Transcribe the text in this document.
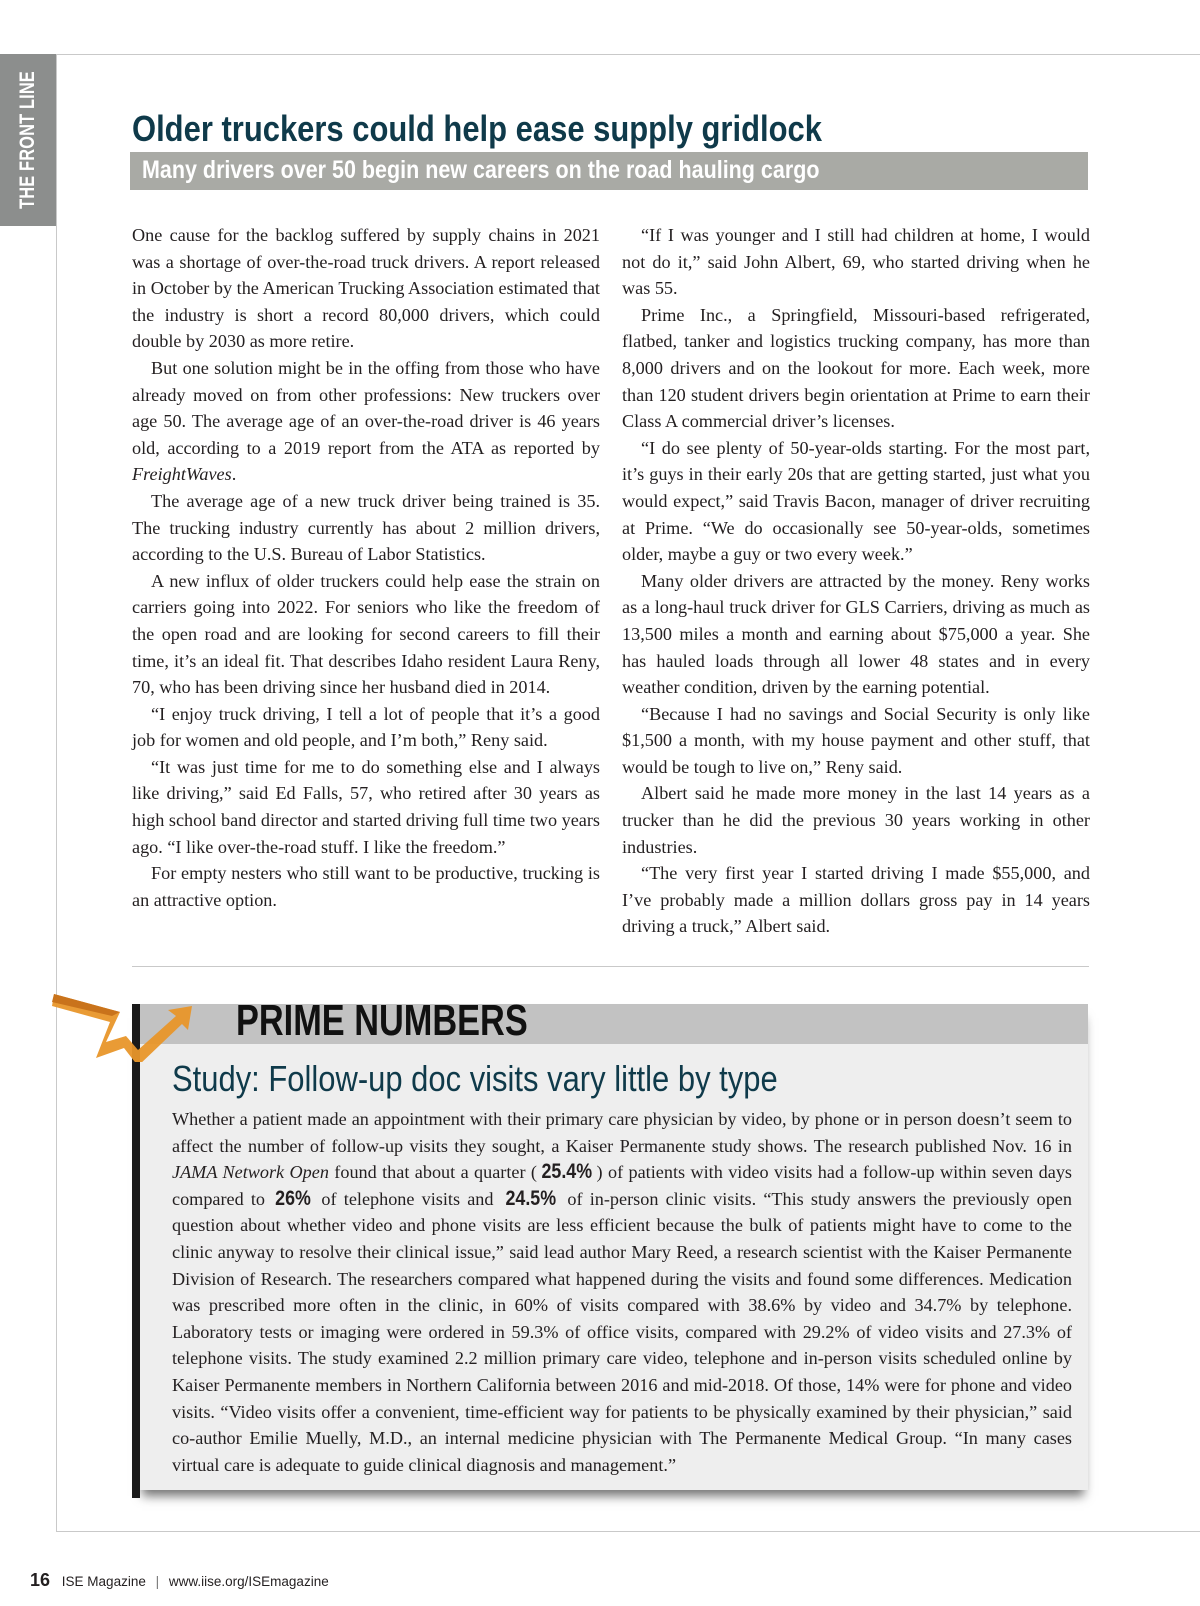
THE FRONT LINE	Older truckers could help ease supply gridlock
Many drivers over 50 begin new careers on the road hauling cargo

One cause for the backlog suffered by supply chains in 2021 was a shortage of over-the-road truck drivers. A report released in October by the American Trucking Association estimated that the industry is short a record 80,000 drivers, which could double by 2030 as more retire.

But one solution might be in the offing from those who have already moved on from other professions: New truckers over age 50. The average age of an over-the-road driver is 46 years old, according to a 2019 report from the ATA as reported by FreightWaves.

The average age of a new truck driver being trained is 35. The trucking industry currently has about 2 million drivers, according to the U.S. Bureau of Labor Statistics.

A new influx of older truckers could help ease the strain on carriers going into 2022. For seniors who like the freedom of the open road and are looking for second careers to fill their time, it’s an ideal fit. That describes Idaho resident Laura Reny, 70, who has been driving since her husband died in 2014.

“I enjoy truck driving, I tell a lot of people that it’s a good job for women and old people, and I’m both,” Reny said.

“It was just time for me to do something else and I always like driving,” said Ed Falls, 57, who retired after 30 years as high school band director and started driving full time two years ago. “I like over-the-road stuff. I like the freedom.”

For empty nesters who still want to be productive, trucking is an attractive option.

“If I was younger and I still had children at home, I would not do it,” said John Albert, 69, who started driving when he was 55.

Prime Inc., a Springfield, Missouri-based refrigerated, flatbed, tanker and logistics trucking company, has more than 8,000 drivers and on the lookout for more. Each week, more than 120 student drivers begin orientation at Prime to earn their Class A commercial driver’s licenses.

“I do see plenty of 50-year-olds starting. For the most part, it’s guys in their early 20s that are getting started, just what you would expect,” said Travis Bacon, manager of driver recruiting at Prime. “We do occasionally see 50-year-olds, sometimes older, maybe a guy or two every week.”

Many older drivers are attracted by the money. Reny works as a long-haul truck driver for GLS Carriers, driving as much as 13,500 miles a month and earning about $75,000 a year. She has hauled loads through all lower 48 states and in every weather condition, driven by the earning potential.

“Because I had no savings and Social Security is only like $1,500 a month, with my house payment and other stuff, that would be tough to live on,” Reny said.

Albert said he made more money in the last 14 years as a trucker than he did the previous 30 years working in other industries.

“The very first year I started driving I made $55,000, and I’ve probably made a million dollars gross pay in 14 years driving a truck,” Albert said.

PRIME NUMBERS
Study: Follow-up doc visits vary little by type

Whether a patient made an appointment with their primary care physician by video, by phone or in person doesn’t seem to affect the number of follow-up visits they sought, a Kaiser Permanente study shows. The research published Nov. 16 in JAMA Network Open found that about a quarter ( 25.4% ) of patients with video visits had a follow-up within seven days compared to 26% of telephone visits and 24.5% of in-person clinic visits. “This study answers the previously open question about whether video and phone visits are less efficient because the bulk of patients might have to come to the clinic anyway to resolve their clinical issue,” said lead author Mary Reed, a research scientist with the Kaiser Permanente Division of Research. The researchers compared what happened during the visits and found some differences. Medication was prescribed more often in the clinic, in 60% of visits compared with 38.6% by video and 34.7% by telephone. Laboratory tests or imaging were ordered in 59.3% of office visits, compared with 29.2% of video visits and 27.3% of telephone visits. The study examined 2.2 million primary care video, telephone and in-person visits scheduled online by Kaiser Permanente members in Northern California between 2016 and mid-2018. Of those, 14% were for phone and video visits. “Video visits offer a convenient, time-efficient way for patients to be physically examined by their physician,” said co-author Emilie Muelly, M.D., an internal medicine physician with The Permanente Medical Group. “In many cases virtual care is adequate to guide clinical diagnosis and management.”

16 ISE Magazine | www.iise.org/ISEmagazine
